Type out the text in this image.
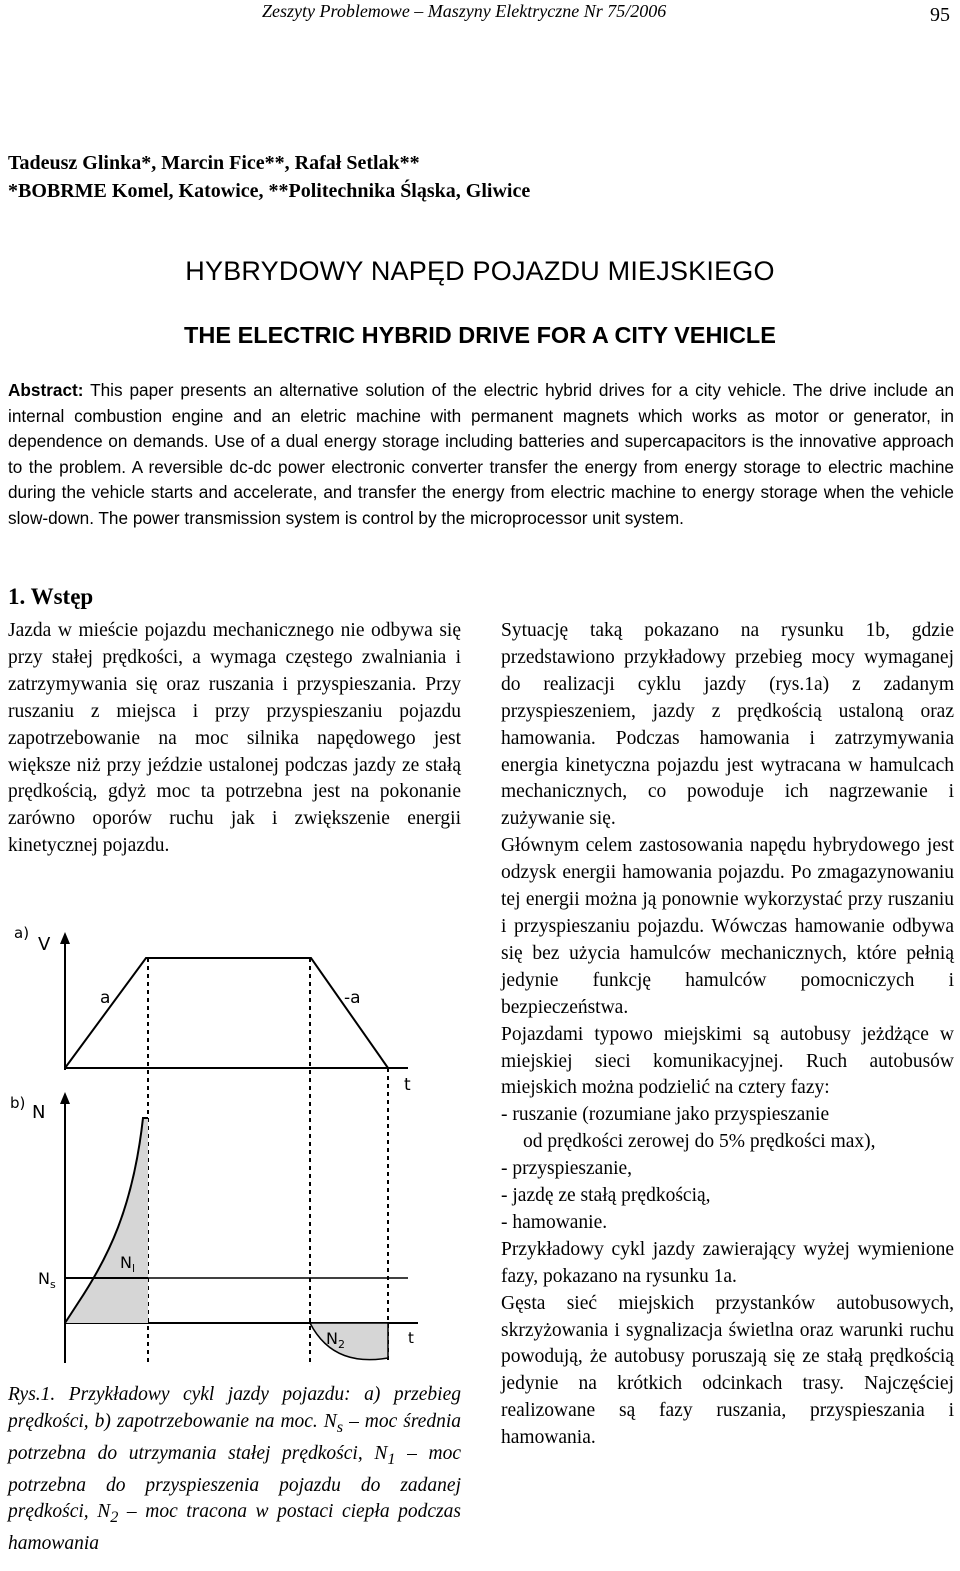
Zeszyty Problemowe – Maszyny Elektryczne Nr 75/2006	95
Tadeusz Glinka*, Marcin Fice**, Rafał Setlak**
*BOBRME Komel, Katowice, **Politechnika Śląska, Gliwice
HYBRYDOWY NAPĘD POJAZDU MIEJSKIEGO
THE ELECTRIC HYBRID DRIVE FOR A CITY VEHICLE
Abstract: This paper presents an alternative solution of the electric hybrid drives for a city vehicle. The drive include an internal combustion engine and an eletric machine with permanent magnets which works as motor or generator, in dependence on demands. Use of a dual energy storage including batteries and supercapacitors is the innovative approach to the problem. A reversible dc-dc power electronic converter transfer the energy from energy storage to electric machine during the vehicle starts and accelerate, and transfer the energy from electric machine to energy storage when the vehicle slow-down. The power transmission system is control by the microprocessor unit system.
1. Wstęp
Jazda w mieście pojazdu mechanicznego nie odbywa się przy stałej prędkości, a wymaga częstego zwalniania i zatrzymywania się oraz ruszania i przyspieszania. Przy ruszaniu z miejsca i przy przyspieszaniu pojazdu zapotrzebowanie na moc silnika napędowego jest większe niż przy jeździe ustalonej podczas jazdy ze stałą prędkością, gdyż moc ta potrzebna jest na pokonanie zarówno oporów ruchu jak i zwiększenie energii kinetycznej pojazdu.
a)
V
t
a	-a
b) N
t
$N_s$
$N_l$
$N_2$
Rys.1. Przykładowy cykl jazdy pojazdu: a) przebieg prędkości, b) zapotrzebowanie na moc. $N_s$ – moc średnia potrzebna do utrzymania stałej prędkości, $N_1$ – moc potrzebna do przyspieszenia pojazdu do zadanej prędkości, $N_2$ – moc tracona w postaci ciepła podczas hamowania

Sytuację taką pokazano na rysunku 1b, gdzie przedstawiono przykładowy przebieg mocy wymaganej do realizacji cyklu jazdy (rys.1a) z zadanym przyspieszeniem, jazdy z prędkością ustaloną oraz hamowania. Podczas hamowania i zatrzymywania energia kinetyczna pojazdu jest wytracana w hamulcach mechanicznych, co powoduje ich nagrzewanie i zużywanie się.

Głównym celem zastosowania napędu hybrydowego jest odzysk energii hamowania pojazdu. Po zmagazynowaniu tej energii można ją ponownie wykorzystać przy ruszaniu i przyspieszaniu pojazdu. Wówczas hamowanie odbywa się bez użycia hamulców mechanicznych, które pełnią jedynie funkcję hamulców pomocniczych i bezpieczeństwa.

Pojazdami typowo miejskimi są autobusy jeżdżące w miejskiej sieci komunikacyjnej. Ruch autobusów miejskich można podzielić na cztery fazy:

- ruszanie (rozumiane jako przyspieszanie
od prędkości zerowej do 5% prędkości max),
- przyspieszanie,
- jazdę ze stałą prędkością,
- hamowanie.

Przykładowy cykl jazdy zawierający wyżej wymienione fazy, pokazano na rysunku 1a.

Gęsta sieć miejskich przystanków autobusowych, skrzyżowania i sygnalizacja świetlna oraz warunki ruchu powodują, że autobusy poruszają się ze stałą prędkością jedynie na krótkich odcinkach trasy. Najczęściej realizowane są fazy ruszania, przyspieszania i hamowania.
